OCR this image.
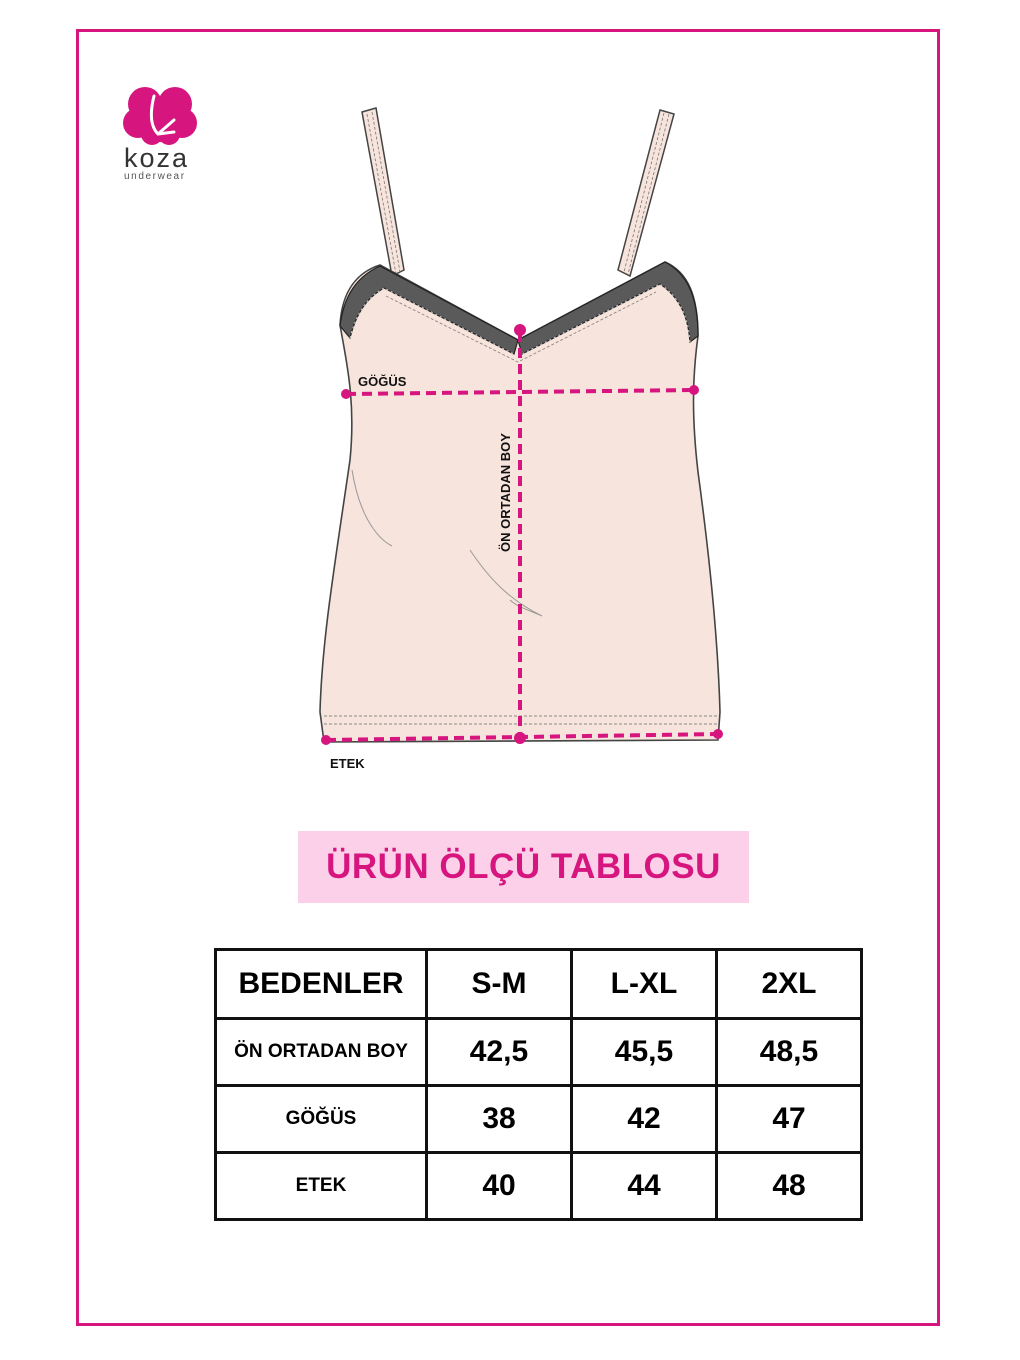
koza
underwear
GÖĞÜS
ÖN ORTADAN BOY
ETEK
ÜRÜN ÖLÇÜ TABLOSU
BEDENLER	S-M	L-XL	2XL
ÖN ORTADAN BOY	42,5	45,5	48,5
GÖĞÜS	38	42	47
ETEK	40	44	48
